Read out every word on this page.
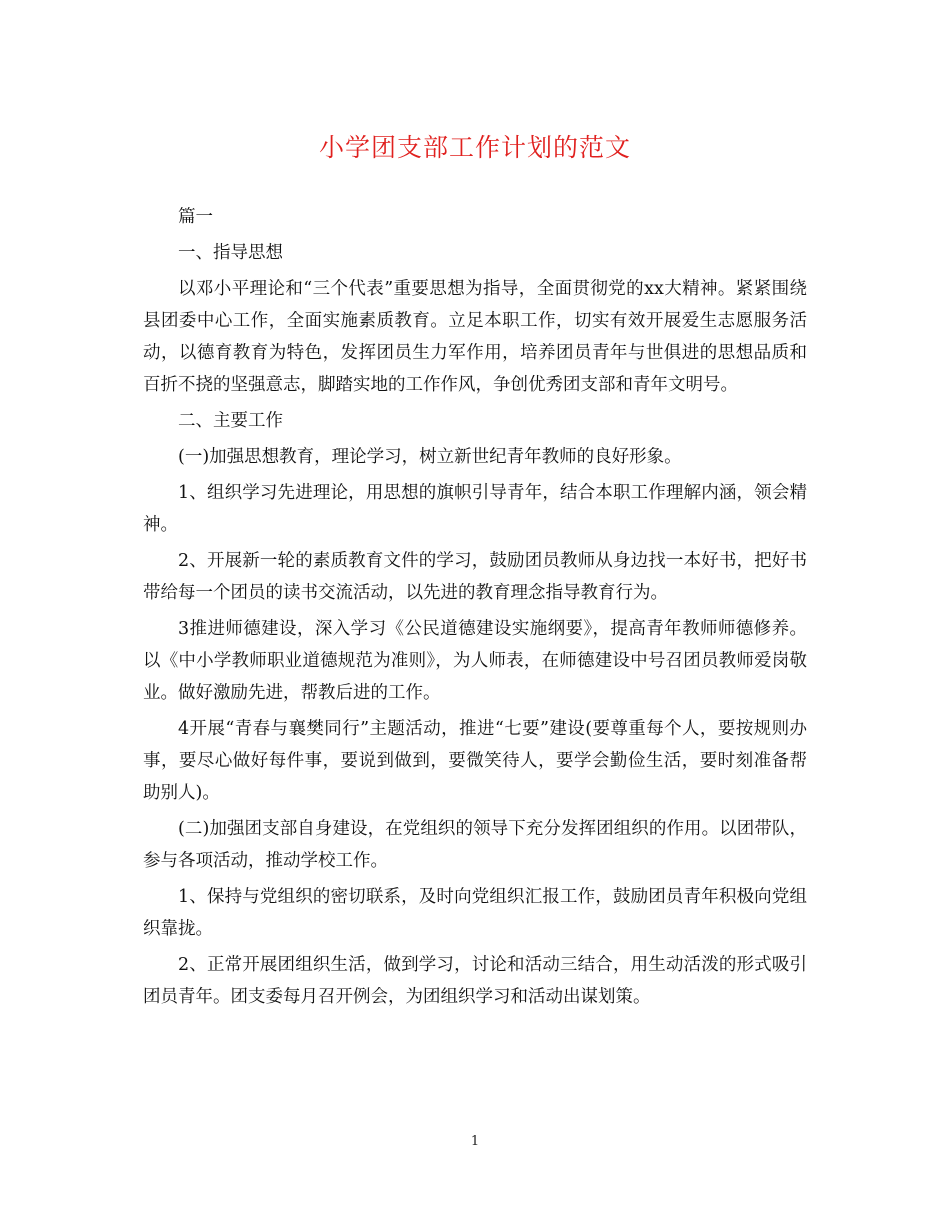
小学团支部工作计划的范文

篇一

一、指导思想

以邓小平理论和“三个代表”重要思想为指导，全面贯彻党的xx大精神。紧紧围绕县团委中心工作，全面实施素质教育。立足本职工作，切实有效开展爱生志愿服务活动，以德育教育为特色，发挥团员生力军作用，培养团员青年与世俱进的思想品质和百折不挠的坚强意志，脚踏实地的工作作风，争创优秀团支部和青年文明号。

二、主要工作

(一)加强思想教育，理论学习，树立新世纪青年教师的良好形象。

1、组织学习先进理论，用思想的旗帜引导青年，结合本职工作理解内涵，领会精神。

2、开展新一轮的素质教育文件的学习，鼓励团员教师从身边找一本好书，把好书带给每一个团员的读书交流活动，以先进的教育理念指导教育行为。

3推进师德建设，深入学习《公民道德建设实施纲要》，提高青年教师师德修养。以《中小学教师职业道德规范为准则》，为人师表，在师德建设中号召团员教师爱岗敬业。做好激励先进，帮教后进的工作。

4开展“青春与襄樊同行”主题活动，推进“七要”建设(要尊重每个人，要按规则办事，要尽心做好每件事，要说到做到，要微笑待人，要学会勤俭生活，要时刻准备帮助别人)。

(二)加强团支部自身建设，在党组织的领导下充分发挥团组织的作用。以团带队，参与各项活动，推动学校工作。

1、保持与党组织的密切联系，及时向党组织汇报工作，鼓励团员青年积极向党组织靠拢。

2、正常开展团组织生活，做到学习，讨论和活动三结合，用生动活泼的形式吸引团员青年。团支委每月召开例会，为团组织学习和活动出谋划策。

1
